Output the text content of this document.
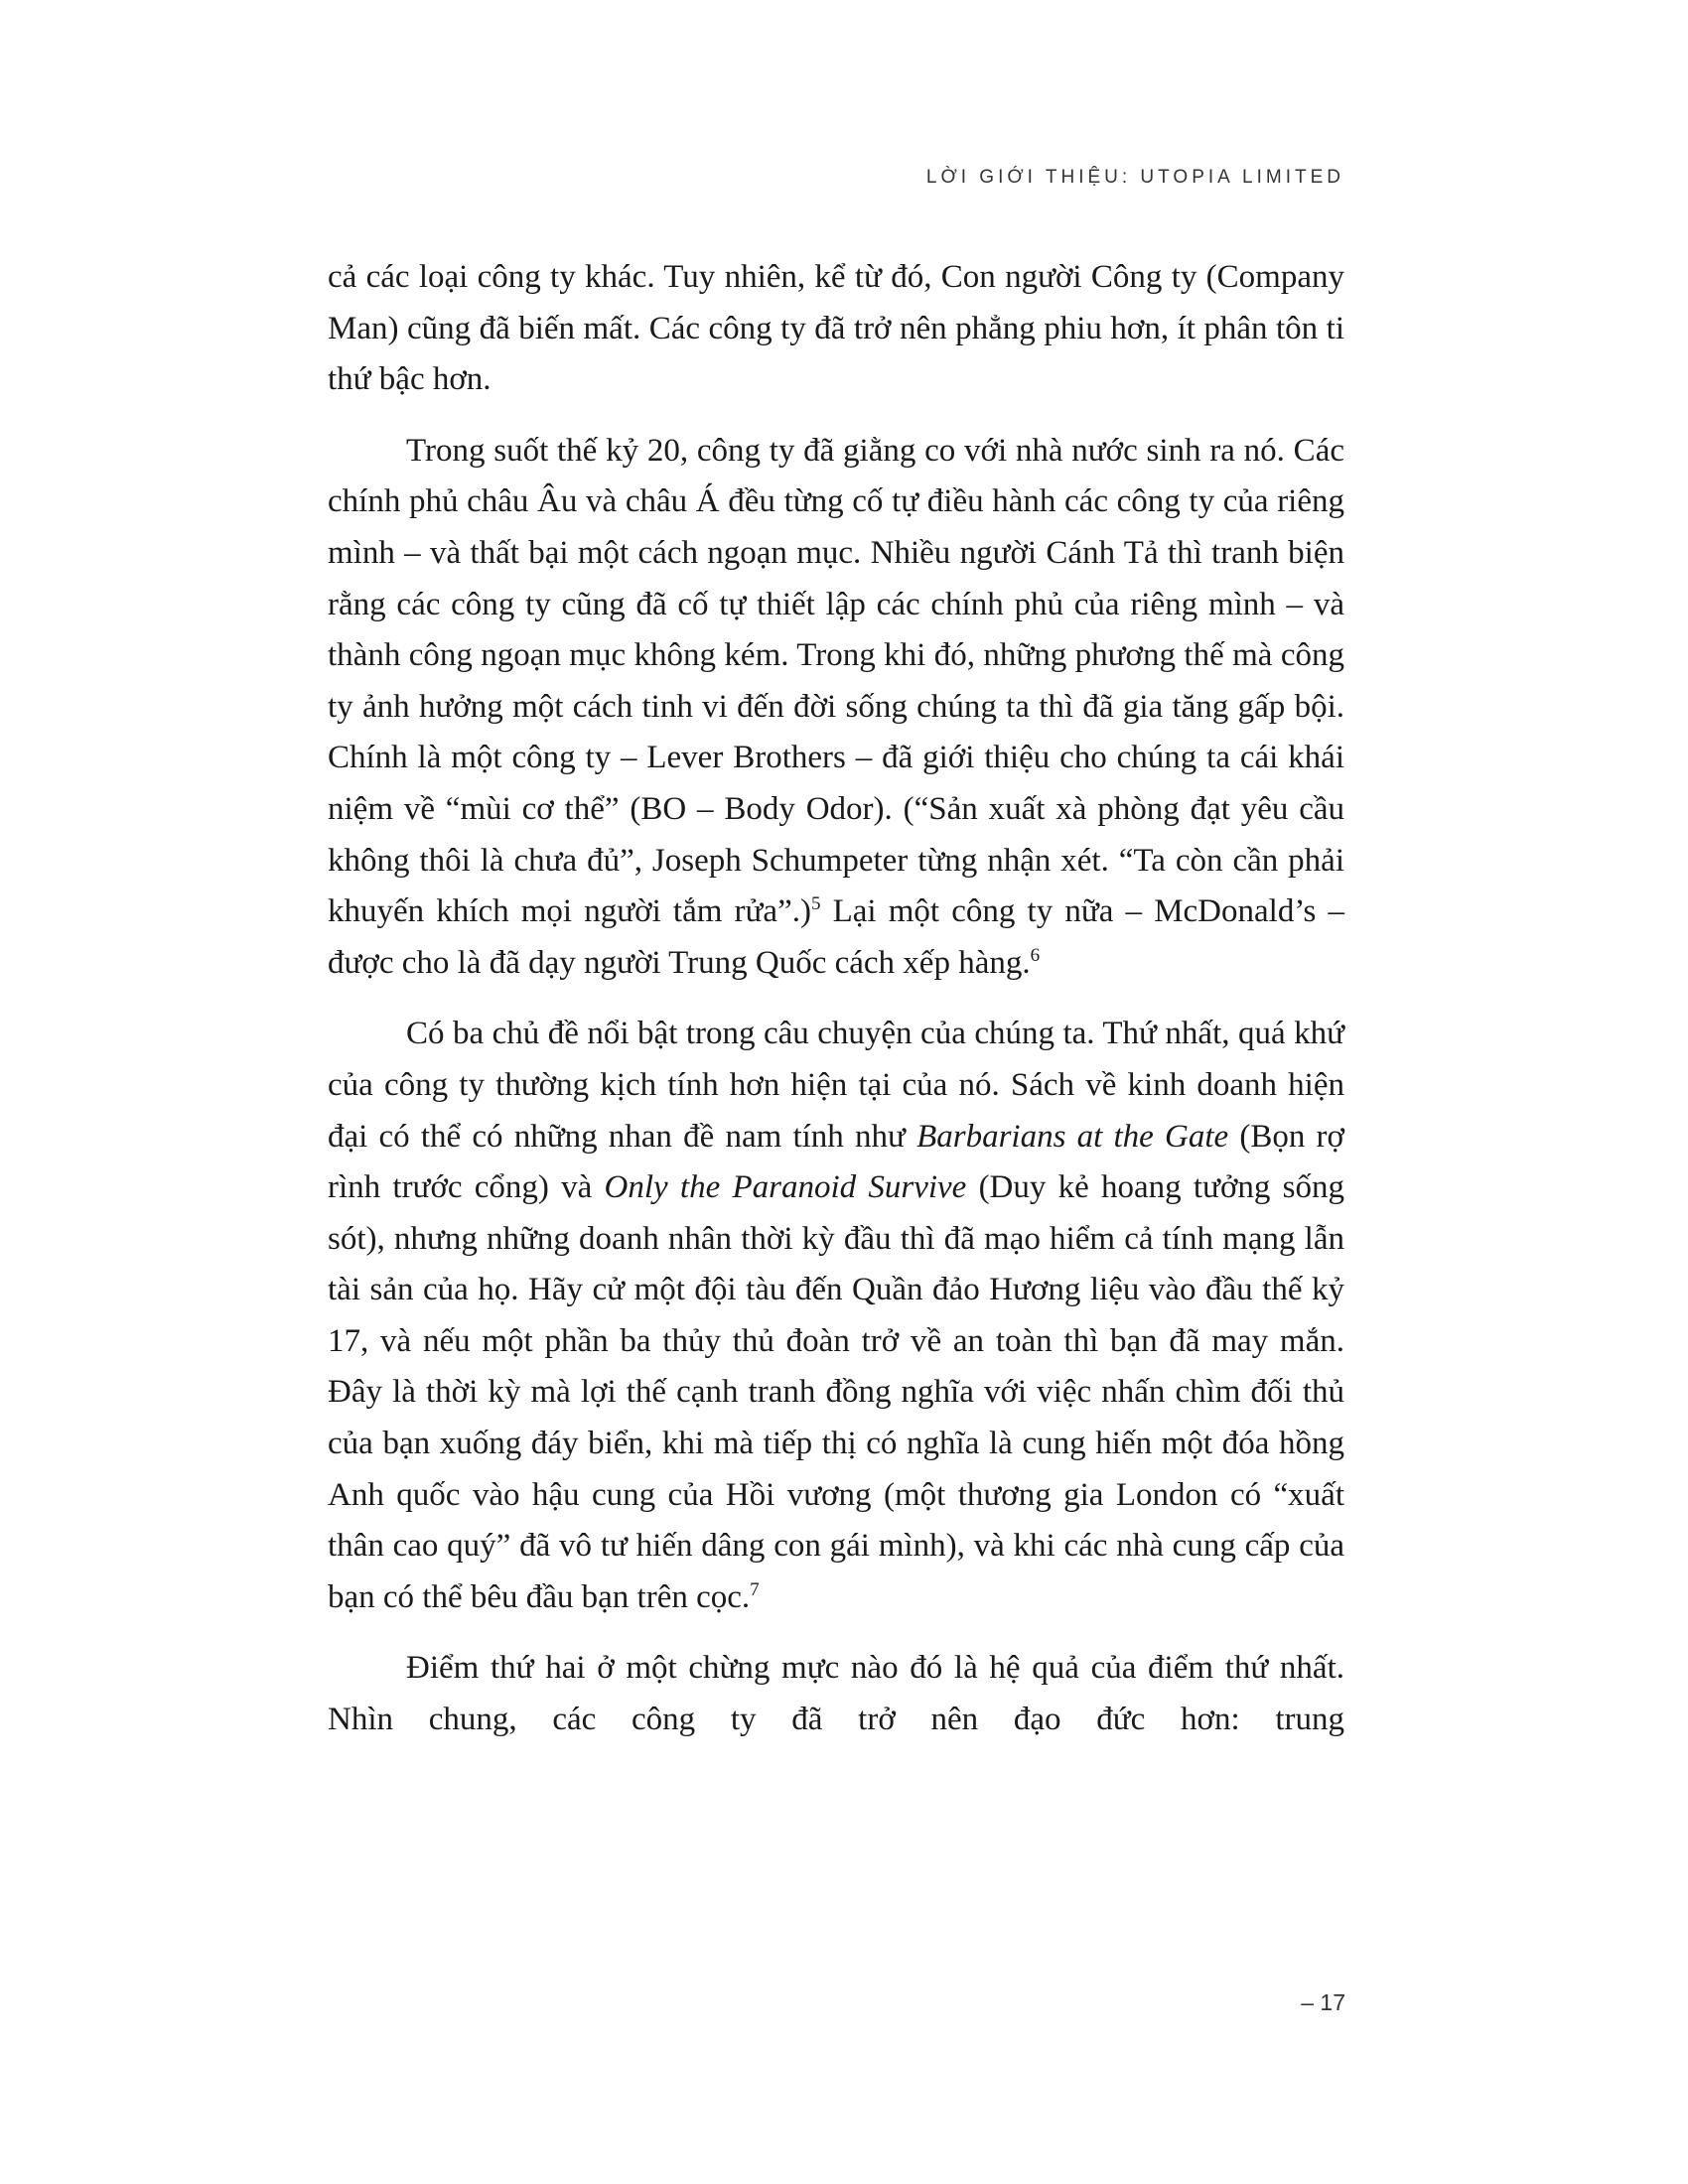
LỜI GIỚI THIỆU: UTOPIA LIMITED

cả các loại công ty khác. Tuy nhiên, kể từ đó, Con người Công ty (Company Man) cũng đã biến mất. Các công ty đã trở nên phẳng phiu hơn, ít phân tôn ti thứ bậc hơn.

Trong suốt thế kỷ 20, công ty đã giằng co với nhà nước sinh ra nó. Các chính phủ châu Âu và châu Á đều từng cố tự điều hành các công ty của riêng mình – và thất bại một cách ngoạn mục. Nhiều người Cánh Tả thì tranh biện rằng các công ty cũng đã cố tự thiết lập các chính phủ của riêng mình – và thành công ngoạn mục không kém. Trong khi đó, những phương thế mà công ty ảnh hưởng một cách tinh vi đến đời sống chúng ta thì đã gia tăng gấp bội. Chính là một công ty – Lever Brothers – đã giới thiệu cho chúng ta cái khái niệm về “mùi cơ thể” (BO – Body Odor). (“Sản xuất xà phòng đạt yêu cầu không thôi là chưa đủ”, Joseph Schumpeter từng nhận xét. “Ta còn cần phải khuyến khích mọi người tắm rửa”.)$^5$ Lại một công ty nữa – McDonald’s – được cho là đã dạy người Trung Quốc cách xếp hàng.$^6$

Có ba chủ đề nổi bật trong câu chuyện của chúng ta. Thứ nhất, quá khứ của công ty thường kịch tính hơn hiện tại của nó. Sách về kinh doanh hiện đại có thể có những nhan đề nam tính như Barbarians at the Gate (Bọn rợ rình trước cổng) và Only the Paranoid Survive (Duy kẻ hoang tưởng sống sót), nhưng những doanh nhân thời kỳ đầu thì đã mạo hiểm cả tính mạng lẫn tài sản của họ. Hãy cử một đội tàu đến Quần đảo Hương liệu vào đầu thế kỷ 17, và nếu một phần ba thủy thủ đoàn trở về an toàn thì bạn đã may mắn. Đây là thời kỳ mà lợi thế cạnh tranh đồng nghĩa với việc nhấn chìm đối thủ của bạn xuống đáy biển, khi mà tiếp thị có nghĩa là cung hiến một đóa hồng Anh quốc vào hậu cung của Hồi vương (một thương gia London có “xuất thân cao quý” đã vô tư hiến dâng con gái mình), và khi các nhà cung cấp của bạn có thể bêu đầu bạn trên cọc.$^7$

Điểm thứ hai ở một chừng mực nào đó là hệ quả của điểm thứ nhất. Nhìn chung, các công ty đã trở nên đạo đức hơn: trung

– 17
